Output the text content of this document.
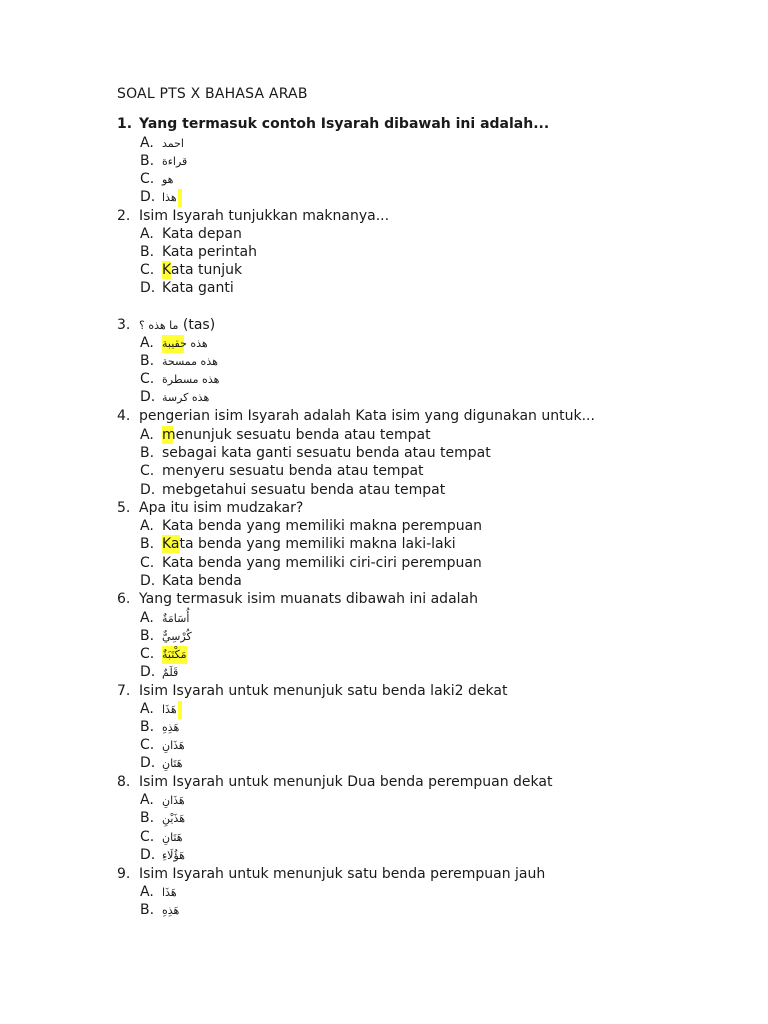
SOAL PTS X BAHASA ARAB
1. Yang termasuk contoh Isyarah dibawah ini adalah...
A. احمد
B. قراءة
C. هو
D. هذا
2. Isim Isyarah tunjukkan maknanya...
A. Kata depan
B. Kata perintah
C. Kata tunjuk
D. Kata ganti
3. ما هذه ؟ (tas)
A. هذه حقيبة
B. هذه ممسحة
C. هذه مسطرة
D. هذه كرسة
4. pengerian isim Isyarah adalah Kata isim yang digunakan untuk...
A. menunjuk sesuatu benda atau tempat
B. sebagai kata ganti sesuatu benda atau tempat
C. menyeru sesuatu benda atau tempat
D. mebgetahui sesuatu benda atau tempat
5. Apa itu isim mudzakar?
A. Kata benda yang memiliki makna perempuan
B. Kata benda yang memiliki makna laki-laki
C. Kata benda yang memiliki ciri-ciri perempuan
D. Kata benda
6. Yang termasuk isim muanats dibawah ini adalah
A. أُسَامَةٌ
B. كُرْسِيٌّ
C. مَكْتَبَةٌ
D. قَلَمٌ
7. Isim Isyarah untuk menunjuk satu benda laki2 dekat
A. هَذَا
B. هَذِهِ
C. هَذَانِ
D. هَتَانِ
8. Isim Isyarah untuk menunjuk Dua benda perempuan dekat
A. هَذَانِ
B. هَذَيْنِ
C. هَتَانِ
D. هَؤُلَاءِ
9. Isim Isyarah untuk menunjuk satu benda perempuan jauh
A. هَذَا
B. هَذِهِ
